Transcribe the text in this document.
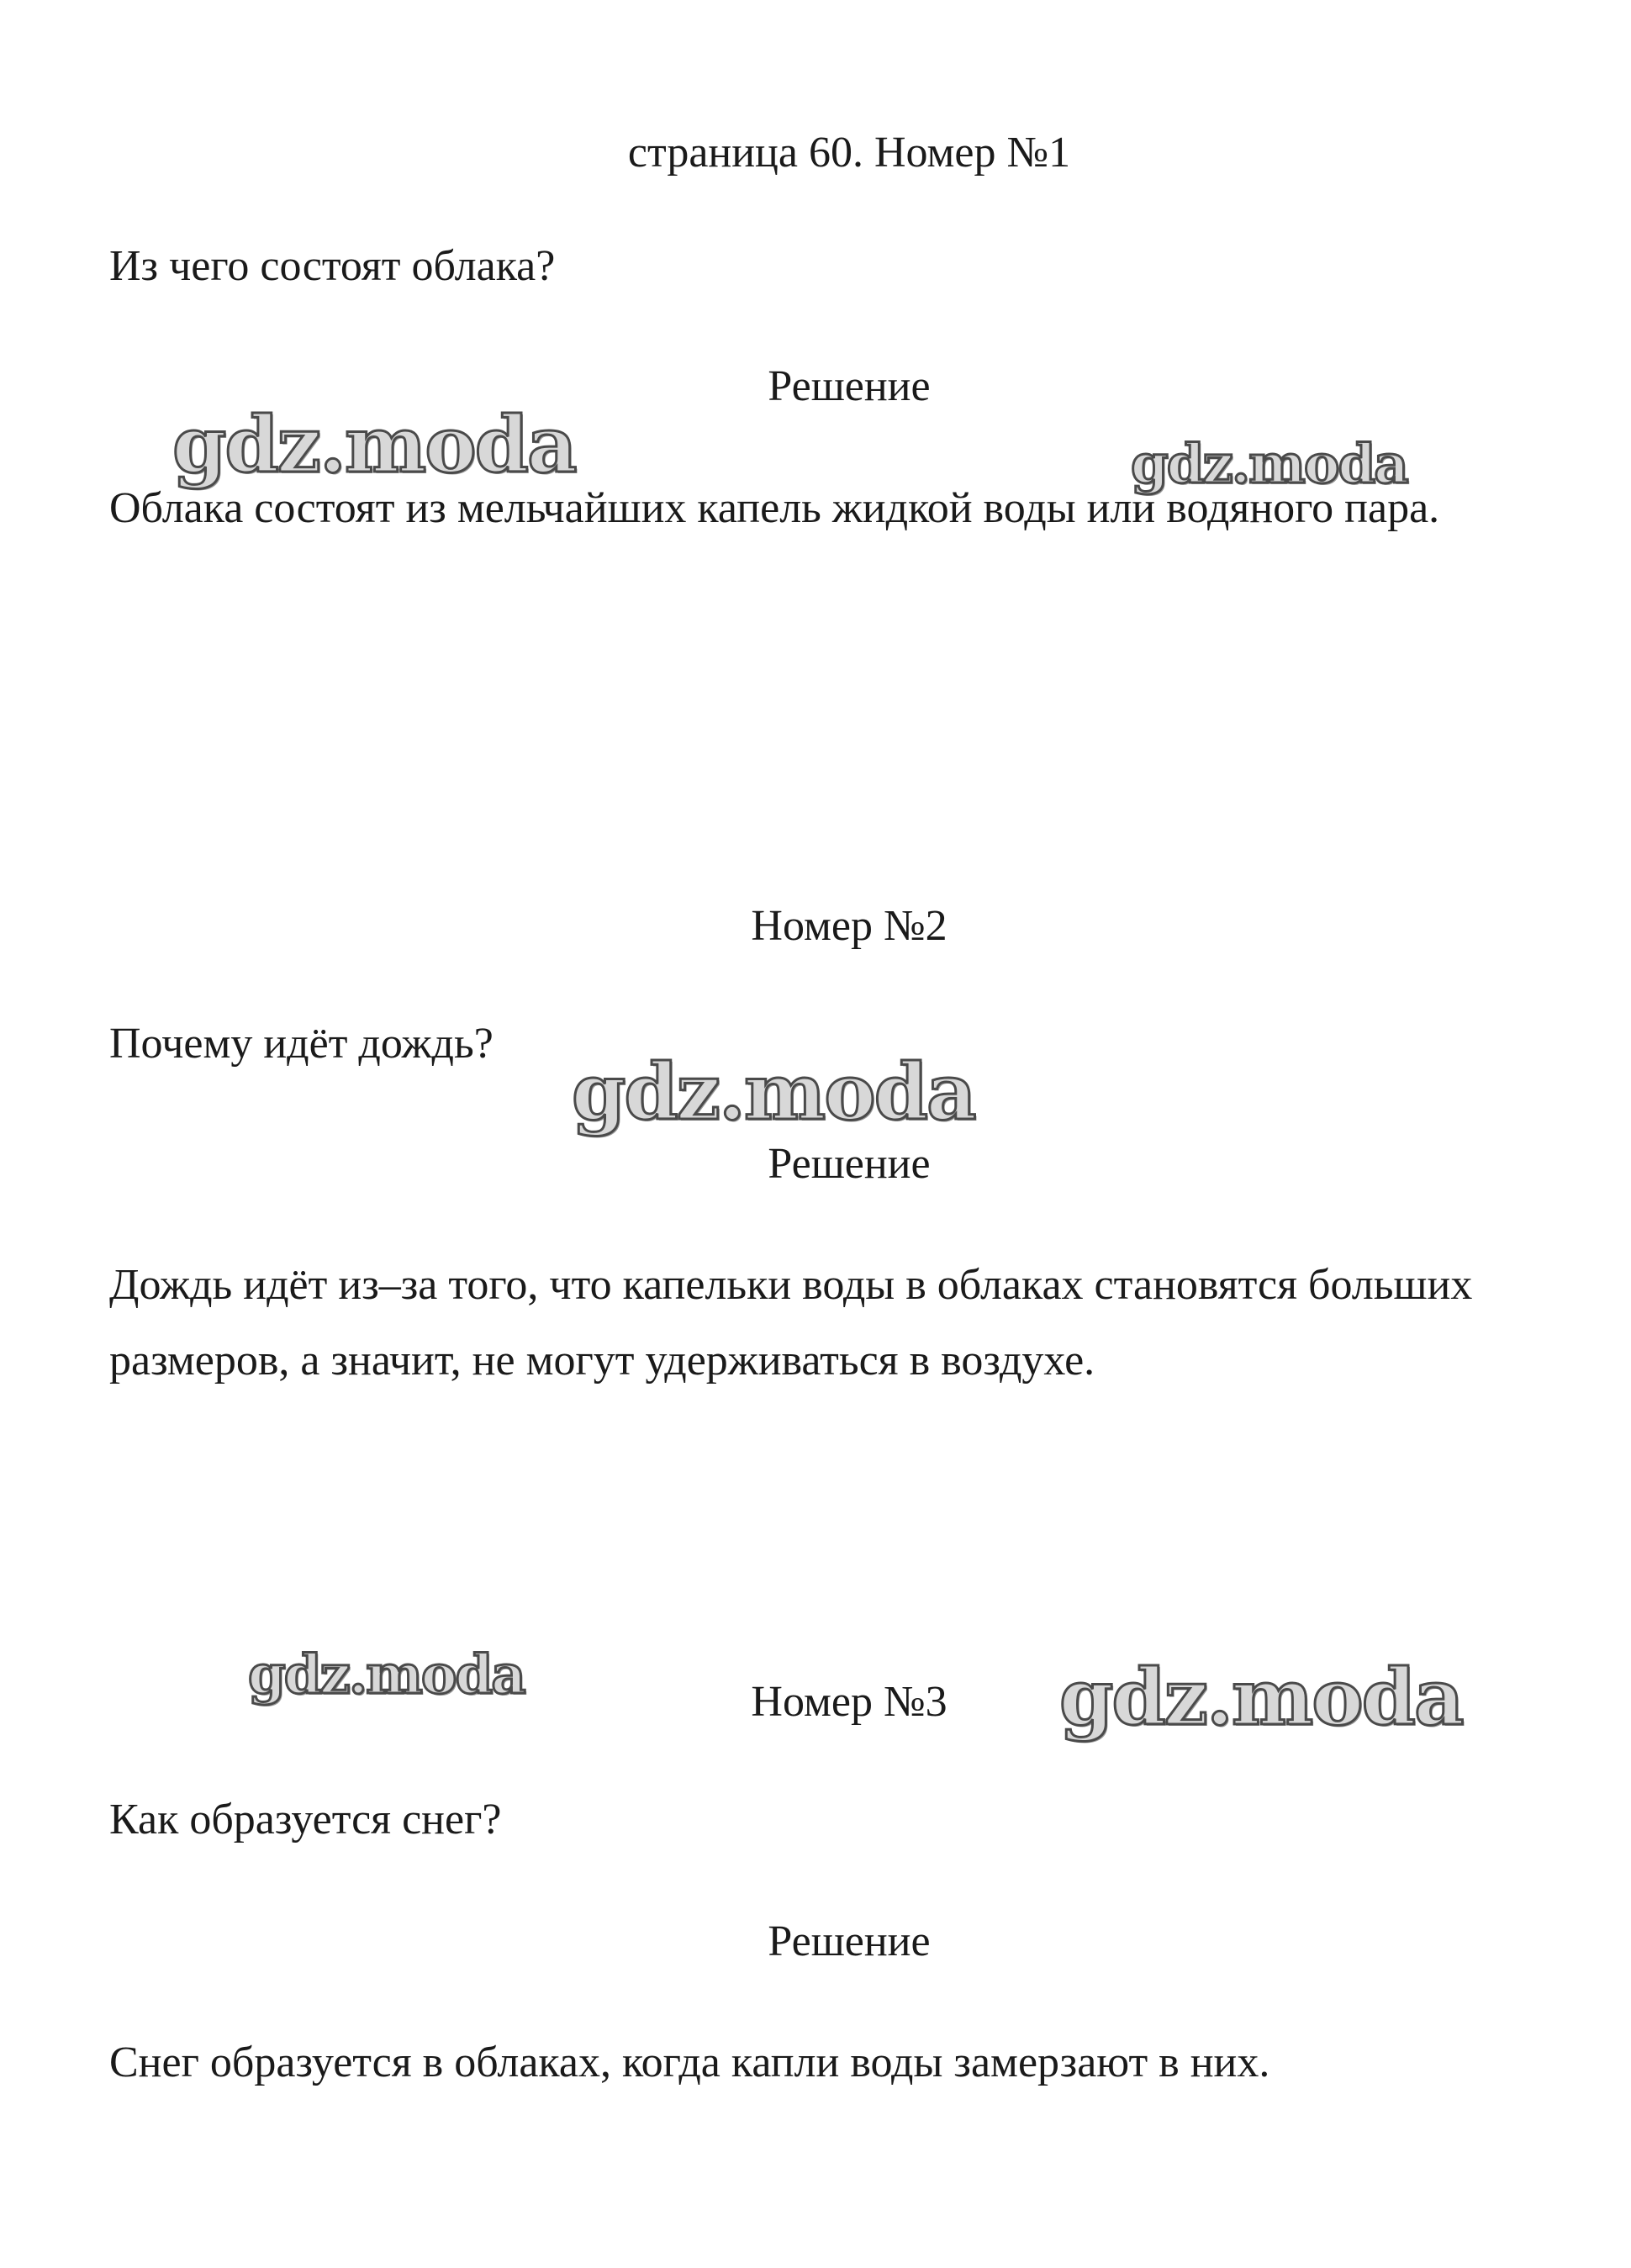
страница 60. Номер №1
Из чего состоят облака?
Решение
Облака состоят из мельчайших капель жидкой воды или водяного пара.
Номер №2
Почему идёт дождь?
Решение
Дождь идёт из–за того, что капельки воды в облаках становятся больших размеров, а значит, не могут удерживаться в воздухе.
Номер №3
Как образуется снег?
Решение
Снег образуется в облаках, когда капли воды замерзают в них.
gdz.moda	gdz.moda
gdz.moda
gdz.moda	gdz.moda
